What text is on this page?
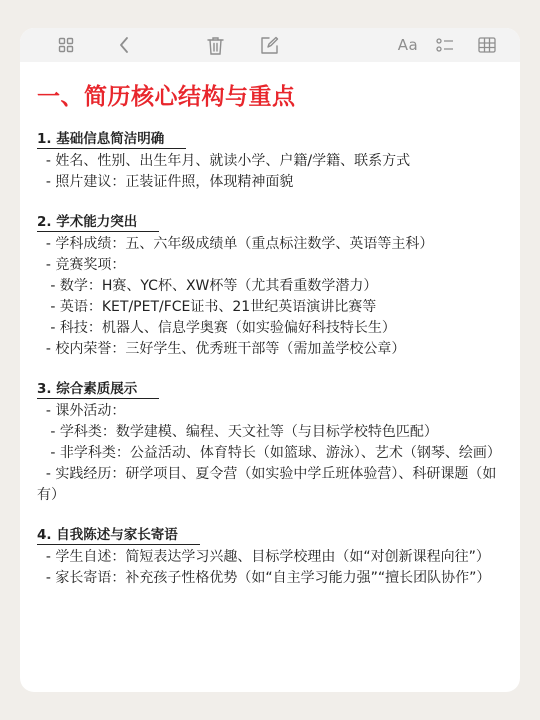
Aa
一、简历核心结构与重点
1. 基础信息简洁明确
- 姓名、性别、出生年月、就读小学、户籍/学籍、联系方式
- 照片建议：正装证件照，体现精神面貌
2. 学术能力突出
- 学科成绩：五、六年级成绩单（重点标注数学、英语等主科）
- 竞赛奖项：
- 数学：H赛、YC杯、XW杯等（尤其看重数学潜力）
- 英语：KET/PET/FCE证书、21世纪英语演讲比赛等
- 科技：机器人、信息学奥赛（如实验偏好科技特长生）
- 校内荣誉：三好学生、优秀班干部等（需加盖学校公章）
3. 综合素质展示
- 课外活动：
- 学科类：数学建模、编程、天文社等（与目标学校特色匹配）
- 非学科类：公益活动、体育特长（如篮球、游泳）、艺术（钢琴、绘画）
- 实践经历：研学项目、夏令营（如实验中学丘班体验营）、科研课题（如有）
4. 自我陈述与家长寄语
- 学生自述：简短表达学习兴趣、目标学校理由（如“对创新课程向往”）
- 家长寄语：补充孩子性格优势（如“自主学习能力强”“擅长团队协作”）
